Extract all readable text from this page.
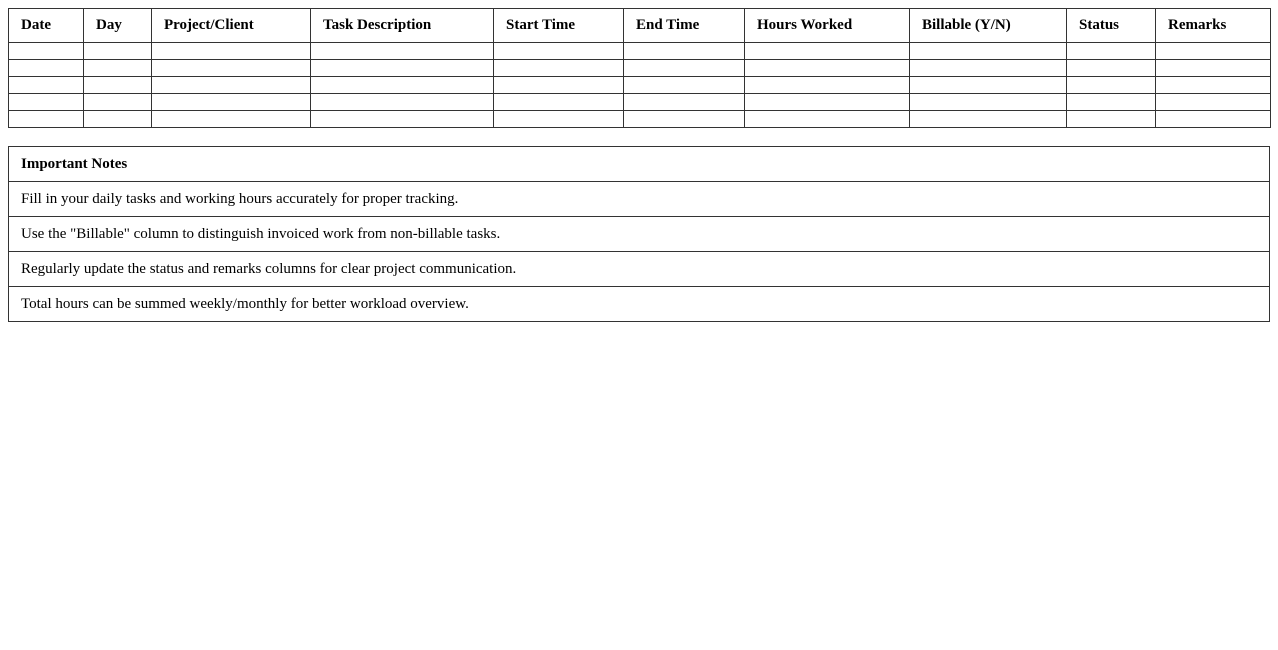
Date	Day	Project/Client	Task Description	Start Time	End Time	Hours Worked	Billable (Y/N)	Status	Remarks

Important Notes
Fill in your daily tasks and working hours accurately for proper tracking.
Use the "Billable" column to distinguish invoiced work from non-billable tasks.
Regularly update the status and remarks columns for clear project communication.
Total hours can be summed weekly/monthly for better workload overview.
